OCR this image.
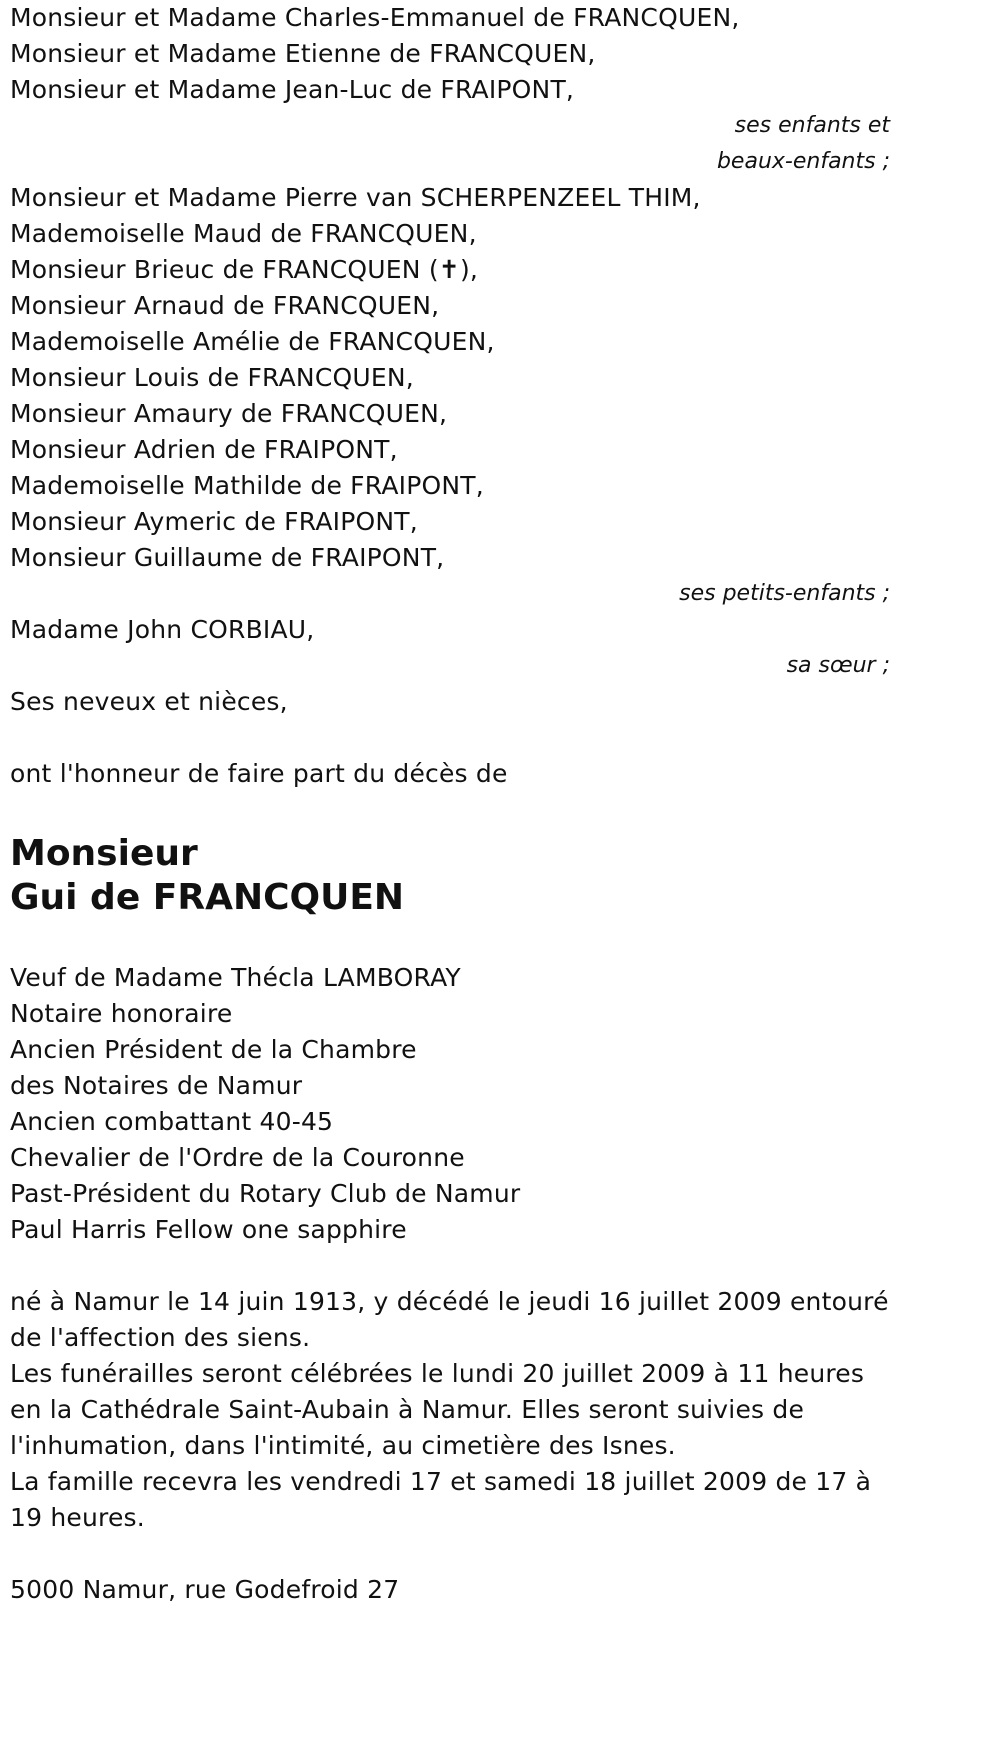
Monsieur et Madame Charles-Emmanuel de FRANCQUEN,
Monsieur et Madame Etienne de FRANCQUEN,
Monsieur et Madame Jean-Luc de FRAIPONT,
ses enfants et
beaux-enfants ;
Monsieur et Madame Pierre van SCHERPENZEEL THIM,
Mademoiselle Maud de FRANCQUEN,
Monsieur Brieuc de FRANCQUEN (✝),
Monsieur Arnaud de FRANCQUEN,
Mademoiselle Amélie de FRANCQUEN,
Monsieur Louis de FRANCQUEN,
Monsieur Amaury de FRANCQUEN,
Monsieur Adrien de FRAIPONT,
Mademoiselle Mathilde de FRAIPONT,
Monsieur Aymeric de FRAIPONT,
Monsieur Guillaume de FRAIPONT,
ses petits-enfants ;
Madame John CORBIAU,
sa sœur ;
Ses neveux et nièces,
ont l'honneur de faire part du décès de
Monsieur
Gui de FRANCQUEN
Veuf de Madame Thécla LAMBORAY
Notaire honoraire
Ancien Président de la Chambre
des Notaires de Namur
Ancien combattant 40-45
Chevalier de l'Ordre de la Couronne
Past-Président du Rotary Club de Namur
Paul Harris Fellow one sapphire
né à Namur le 14 juin 1913, y décédé le jeudi 16 juillet 2009 entouré de l'affection des siens.
Les funérailles seront célébrées le lundi 20 juillet 2009 à 11 heures en la Cathédrale Saint-Aubain à Namur. Elles seront suivies de l'inhumation, dans l'intimité, au cimetière des Isnes.
La famille recevra les vendredi 17 et samedi 18 juillet 2009 de 17 à 19 heures.
5000 Namur, rue Godefroid 27
